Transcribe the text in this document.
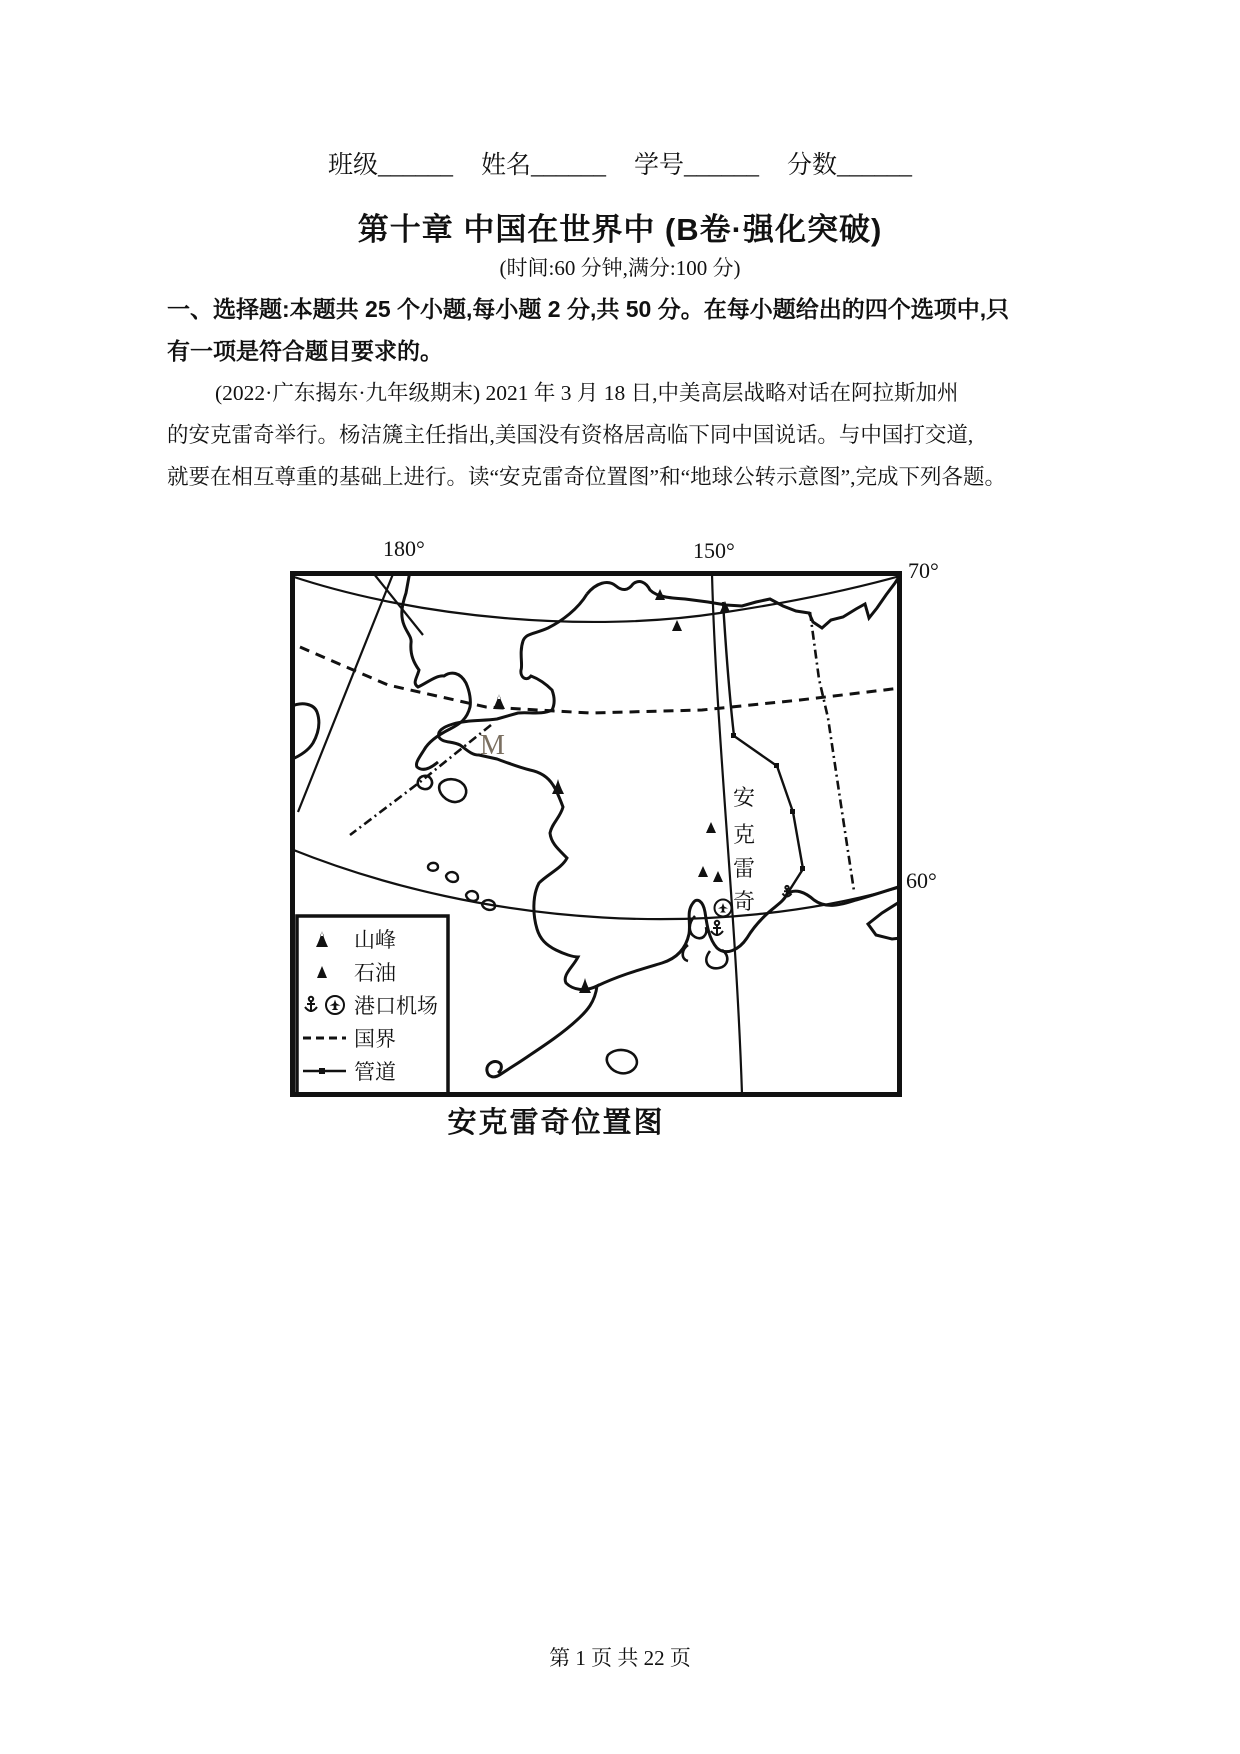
班级______ 姓名______ 学号______ 分数______
第十章 中国在世界中 (B卷·强化突破)
(时间:60 分钟,满分:100 分)
一、选择题:本题共 25 个小题,每小题 2 分,共 50 分。在每小题给出的四个选项中,只
有一项是符合题目要求的。
(2022·广东揭东·九年级期末) 2021 年 3 月 18 日,中美高层战略对话在阿拉斯加州
的安克雷奇举行。杨洁篪主任指出,美国没有资格居高临下同中国说话。与中国打交道,
就要在相互尊重的基础上进行。读“安克雷奇位置图”和“地球公转示意图”,完成下列各题。
180°	150°
70°
60°
M
安
克
雷
奇
山峰
石油
港口机场
国界
管道
安克雷奇位置图
第 1 页 共 22 页
